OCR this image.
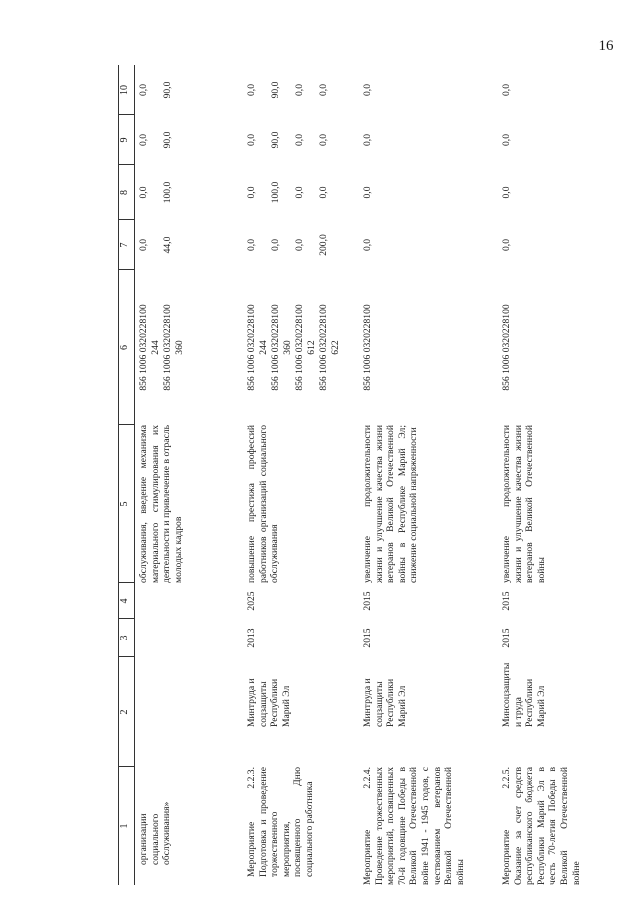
16
1
2
3
4
5
6
7
8
9
10
организации социального обслуживания»
обслуживания, введение механизма материального стимулирования их деятельности и привлечение в отрасль молодых кадров
856 1006 0320228100 244 856 1006 0320228100 360
0,0 44,0
0,0 100,0
0,0 90,0
0,0 90,0
Мероприятие 2.2.3. Подготовка и проведение торжественного мероприятия, посвященного Дню социального работника
Минтруда и соцзащиты Республики Марий Эл
2013
2025
повышение престижа профессий работников организаций социального обслуживания
856 1006 0320228100 244 856 1006 0320228100 360 856 1006 0320228100 612 856 1006 0320228100 622
0,0 0,0 0,0 200,0
0,0 100,0 0,0 0,0
0,0 90,0 0,0 0,0
0,0 90,0 0,0 0,0
Мероприятие 2.2.4. Проведение торжественных мероприятий, посвященных 70-й годовщине Победы в Великой Отечественной войне 1941 - 1945 годов, с чествованием ветеранов Великой Отечественной войны
Минтруда и соцзащиты Республики Марий Эл
2015
2015
увеличение продолжительности жизни и улучшение качества жизни ветеранов Великой Отечественной войны в Республике Марий Эл; снижение социальной напряженности
856 1006 0320228100
0,0
0,0
0,0
0,0
Мероприятие 2.2.5. Оказание за счет средств республиканского бюджета Республики Марий Эл в честь 70-летия Победы в Великой Отечественной войне
Минсоцзащиты и труда Республики Марий Эл
2015
2015
увеличение продолжительности жизни и улучшение качества жизни ветеранов Великой Отечественной войны
856 1006 0320228100
0,0
0,0
0,0
0,0
